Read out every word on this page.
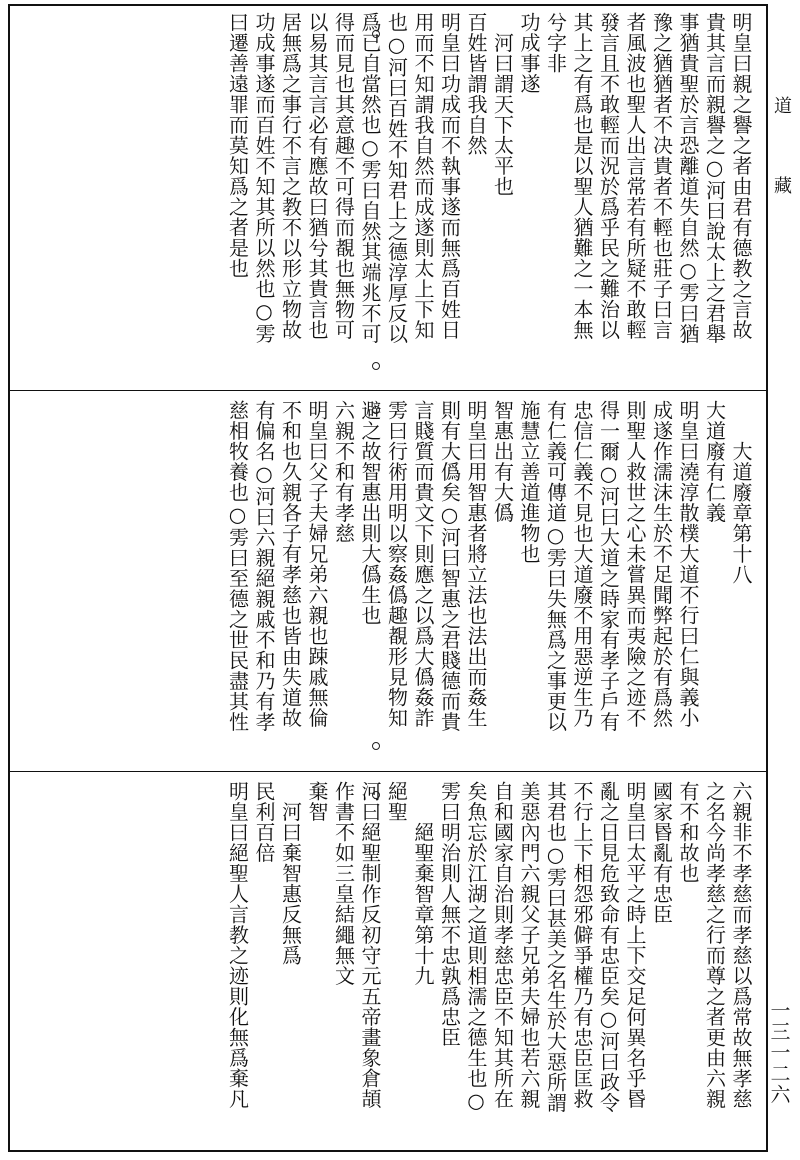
明皇曰親之譽之者由君有德教之言故
貴其言而親譽之○河曰說太上之君舉
事猶貴聖於言恐離道失自然○雱曰猶
豫之猶猶者不决貴者不輕也莊子曰言
者風波也聖人出言常若有所疑不敢輕
發言且不敢輕而況於爲乎民之難治以
其上之有爲也是以聖人猶難之一本無
兮字非
功成事遂
　河曰謂天下太平也
百姓皆謂我自然
明皇曰功成而不執事遂而無爲百姓日
用而不知謂我自然而成遂則太上下知
也○河曰百姓不知君上之德淳厚反以
爲已自當然也○雱曰自然其端兆不可
得而見也其意趣不可得而覩也無物可
以易其言言必有應故曰猶兮其貴言也
居無爲之事行不言之教不以形立物故
功成事遂而百姓不知其所以然也○雱
曰遷善遠罪而莫知爲之者是也
　　大道廢章第十八
大道廢有仁義
明皇曰澆淳散樸大道不行曰仁與義小
成遂作濡沫生於不足聞弊起於有爲然
則聖人救世之心未嘗異而夷險之迹不
得一爾○河曰大道之時家有孝子戶有
忠信仁義不見也大道廢不用惡逆生乃
有仁義可傳道○雱曰失無爲之事更以
施慧立善道進物也
智惠出有大僞
明皇曰用智惠者將立法也法出而姦生
則有大僞矣○河曰智惠之君賤德而貴
言賤質而貴文下則應之以爲大僞姦詐
雱曰行術用明以察姦僞趣覩形見物知
避之故智惠出則大僞生也
六親不和有孝慈
明皇曰父子夫婦兄弟六親也踈戚無倫
不和也久親各子有孝慈也皆由失道故
有偏名○河曰六親絕親戚不和乃有孝
慈相牧養也○雱曰至德之世民盡其性
六親非不孝慈而孝慈以爲常故無孝慈
之名今尚孝慈之行而尊之者更由六親
有不和故也
國家昬亂有忠臣
明皇曰太平之時上下交足何異名乎昬
亂之日見危致命有忠臣矣○河曰政令
不行上下相怨邪僻爭權乃有忠臣匡救
其君也○雱曰甚美之名生於大惡所謂
美惡內門六親父子兄弟夫婦也若六親
自和國家自治則孝慈忠臣不知其所在
矣魚忘於江湖之道則相濡之德生也○
雱曰明治則人無不忠孰爲忠臣
　　絕聖棄智章第十九
絕聖
河曰絕聖制作反初守元五帝畫象倉頡
作書不如三皇結繩無文
棄智
　河曰棄智惠反無爲
民利百倍
明皇曰絕聖人言教之迹則化無爲棄凡
道
藏
一三一二六
